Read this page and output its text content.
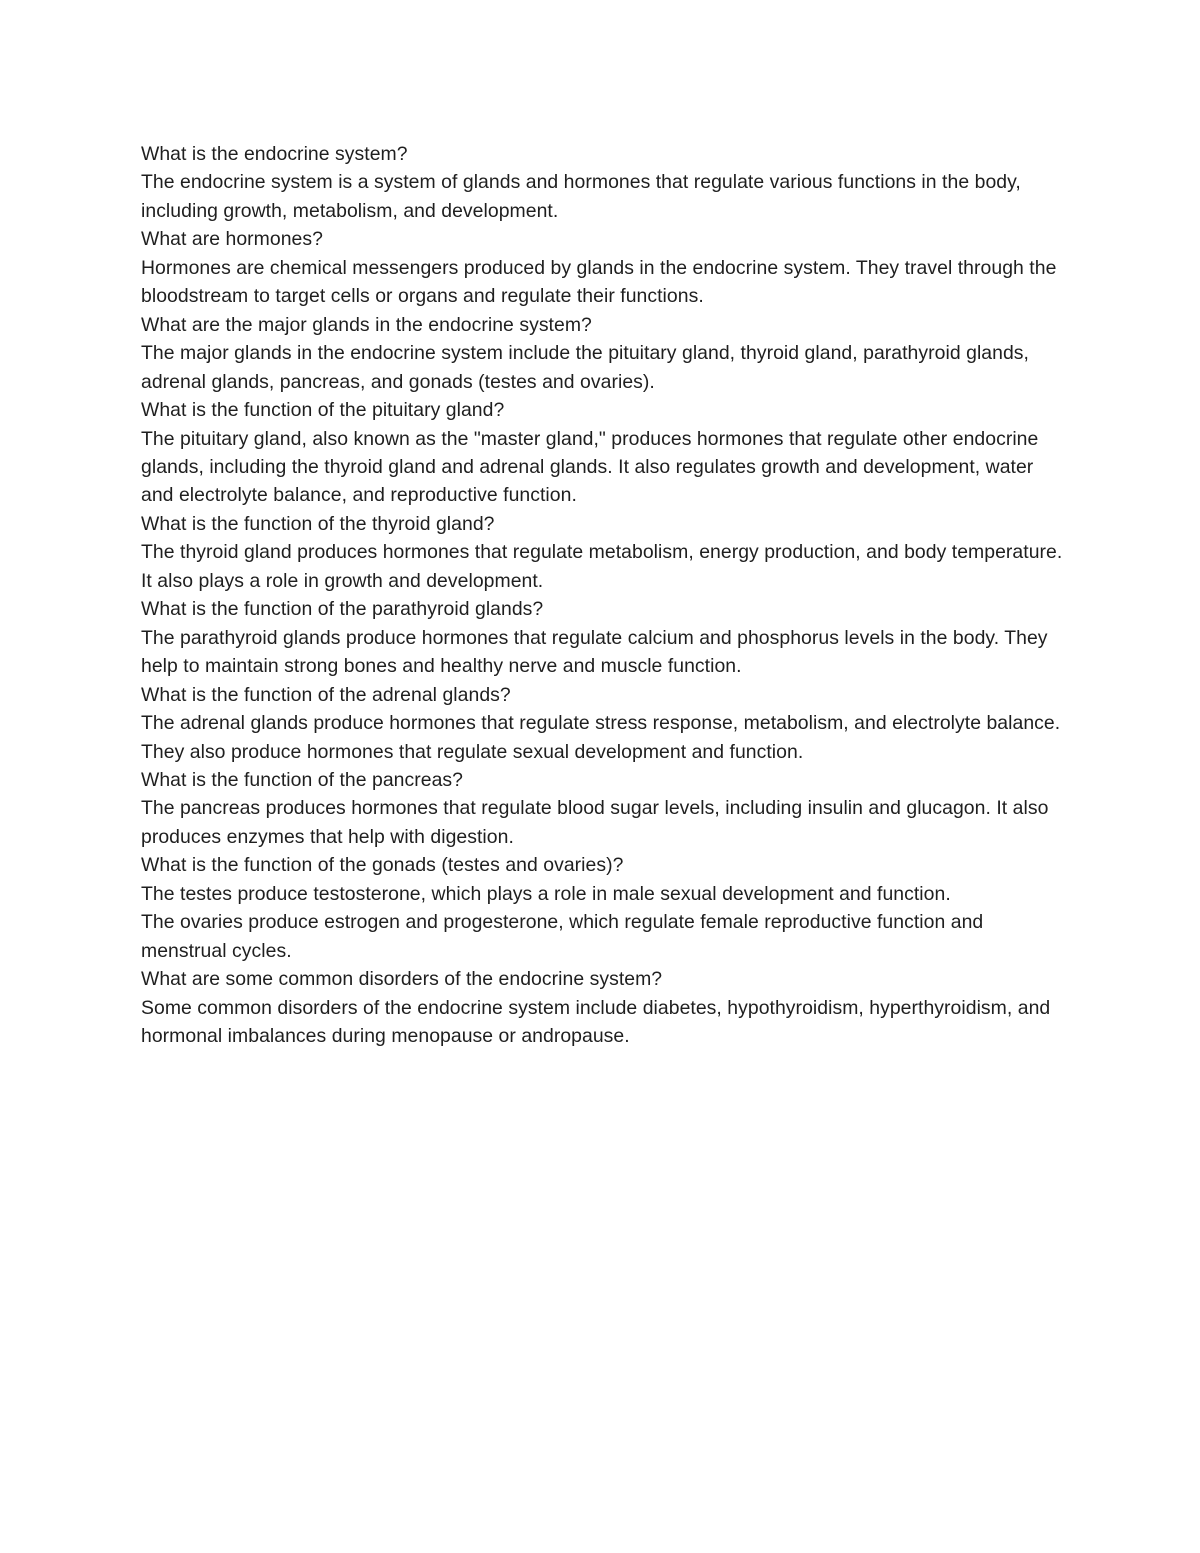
What is the endocrine system?

The endocrine system is a system of glands and hormones that regulate various functions in the body, including growth, metabolism, and development.

What are hormones?

Hormones are chemical messengers produced by glands in the endocrine system. They travel through the bloodstream to target cells or organs and regulate their functions.

What are the major glands in the endocrine system?

The major glands in the endocrine system include the pituitary gland, thyroid gland, parathyroid glands, adrenal glands, pancreas, and gonads (testes and ovaries).

What is the function of the pituitary gland?

The pituitary gland, also known as the "master gland," produces hormones that regulate other endocrine glands, including the thyroid gland and adrenal glands. It also regulates growth and development, water and electrolyte balance, and reproductive function.

What is the function of the thyroid gland?

The thyroid gland produces hormones that regulate metabolism, energy production, and body temperature. It also plays a role in growth and development.

What is the function of the parathyroid glands?

The parathyroid glands produce hormones that regulate calcium and phosphorus levels in the body. They help to maintain strong bones and healthy nerve and muscle function.

What is the function of the adrenal glands?

The adrenal glands produce hormones that regulate stress response, metabolism, and electrolyte balance. They also produce hormones that regulate sexual development and function.

What is the function of the pancreas?

The pancreas produces hormones that regulate blood sugar levels, including insulin and glucagon. It also produces enzymes that help with digestion.

What is the function of the gonads (testes and ovaries)?

The testes produce testosterone, which plays a role in male sexual development and function.

The ovaries produce estrogen and progesterone, which regulate female reproductive function and menstrual cycles.

What are some common disorders of the endocrine system?

Some common disorders of the endocrine system include diabetes, hypothyroidism, hyperthyroidism, and hormonal imbalances during menopause or andropause.
